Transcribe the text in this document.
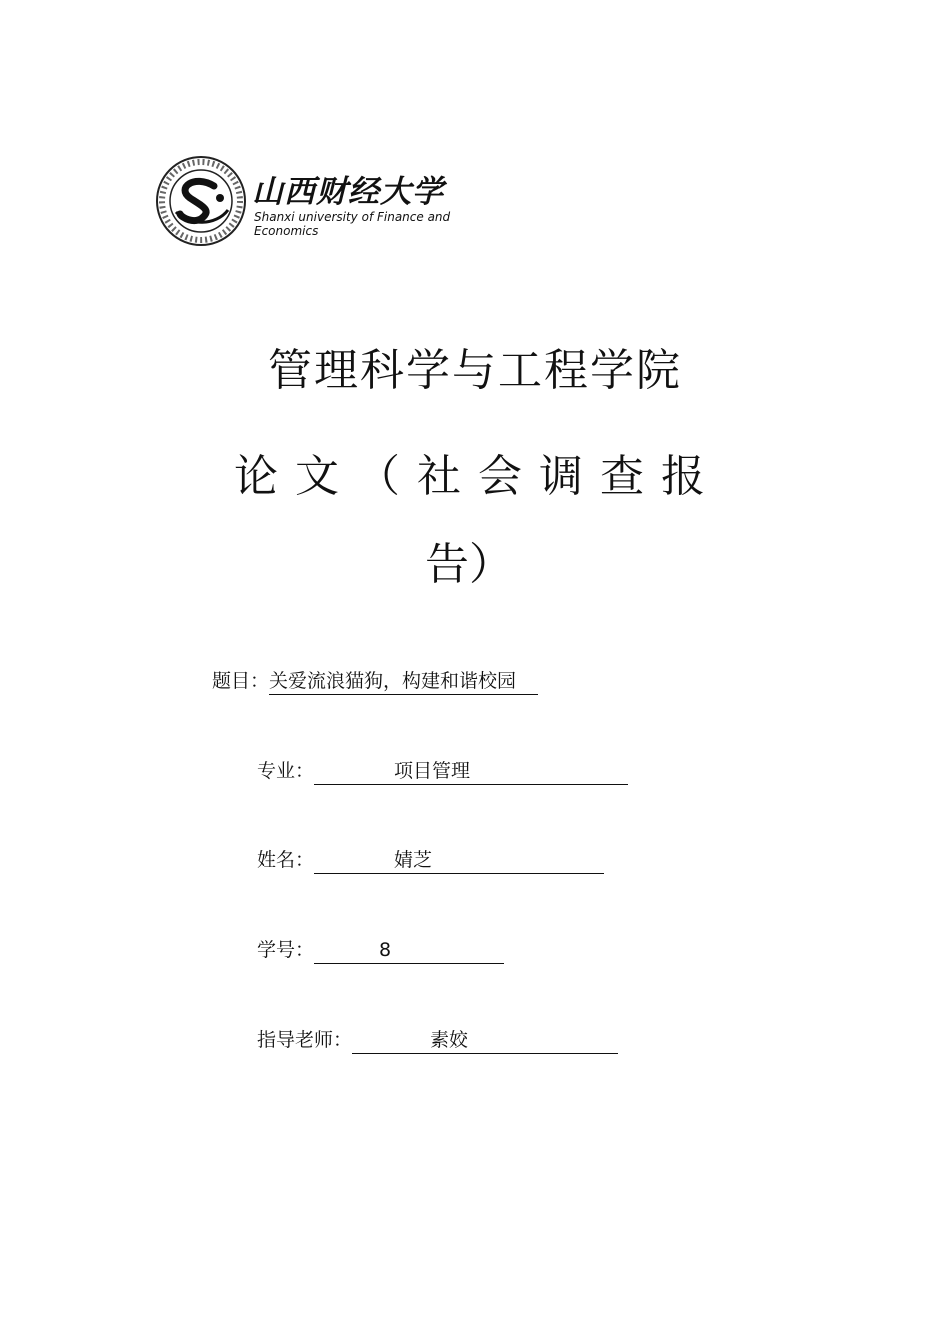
山西财经大学
Shanxi university of Finance and Economics
管理科学与工程学院
论文（社会调查报
告）
题目：关爱流浪猫狗，构建和谐校园
专业：	项目管理
姓名：	婧芝
学号：	8
指导老师：	素姣
